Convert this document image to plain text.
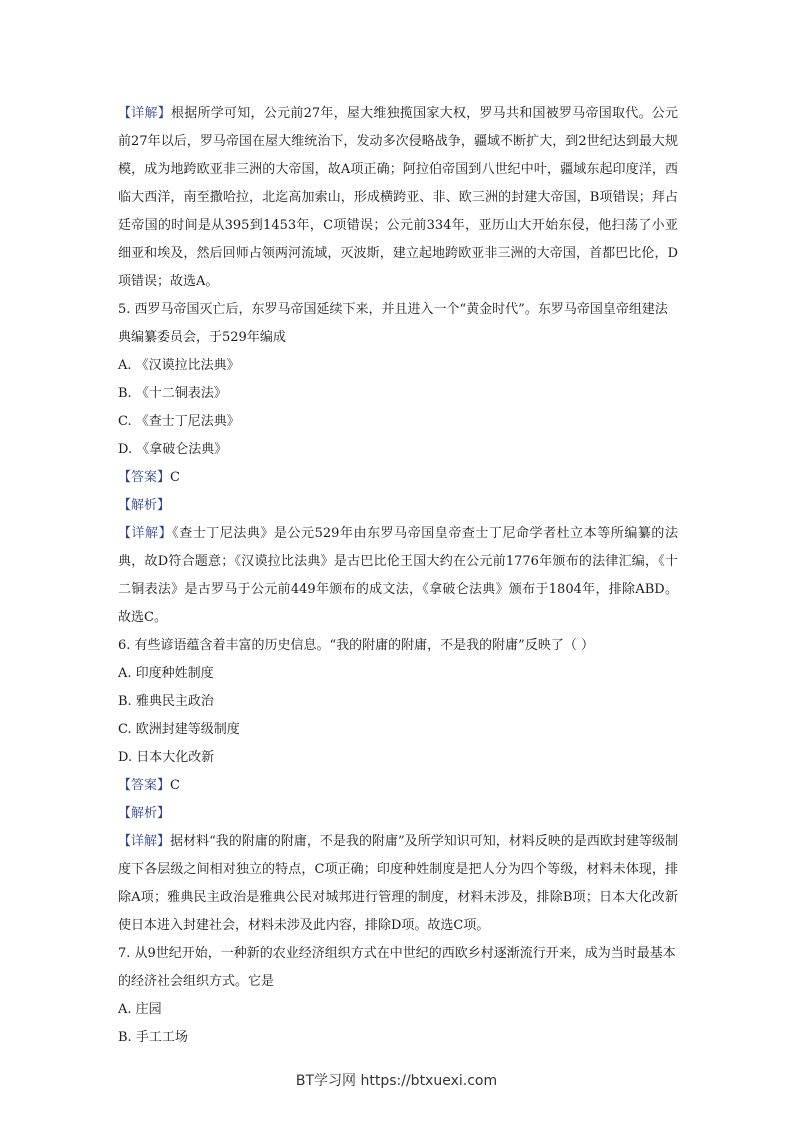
【详解】根据所学可知，公元前27年，屋大维独揽国家大权，罗马共和国被罗马帝国取代。公元前27年以后，罗马帝国在屋大维统治下，发动多次侵略战争，疆域不断扩大，到2世纪达到最大规模，成为地跨欧亚非三洲的大帝国，故A项正确；阿拉伯帝国到八世纪中叶，疆域东起印度洋，西临大西洋，南至撒哈拉，北迄高加索山，形成横跨亚、非、欧三洲的封建大帝国，B项错误；拜占廷帝国的时间是从395到1453年，C项错误；公元前334年，亚历山大开始东侵，他扫荡了小亚细亚和埃及，然后回师占领两河流域，灭波斯，建立起地跨欧亚非三洲的大帝国，首都巴比伦，D项错误；故选A。

5. 西罗马帝国灭亡后，东罗马帝国延续下来，并且进入一个“黄金时代”。东罗马帝国皇帝组建法典编纂委员会，于529年编成

A. 《汉谟拉比法典》
B. 《十二铜表法》
C. 《查士丁尼法典》
D. 《拿破仑法典》

【答案】C

【解析】

【详解】《查士丁尼法典》是公元529年由东罗马帝国皇帝查士丁尼命学者杜立本等所编纂的法典，故D符合题意；《汉谟拉比法典》是古巴比伦王国大约在公元前1776年颁布的法律汇编，《十二铜表法》是古罗马于公元前449年颁布的成文法，《拿破仑法典》颁布于1804年，排除ABD。故选C。

6. 有些谚语蕴含着丰富的历史信息。“我的附庸的附庸，不是我的附庸”反映了（ ）

A. 印度种姓制度
B. 雅典民主政治
C. 欧洲封建等级制度
D. 日本大化改新

【答案】C

【解析】

【详解】据材料“我的附庸的附庸，不是我的附庸”及所学知识可知，材料反映的是西欧封建等级制度下各层级之间相对独立的特点，C项正确；印度种姓制度是把人分为四个等级，材料未体现，排除A项；雅典民主政治是雅典公民对城邦进行管理的制度，材料未涉及，排除B项；日本大化改新使日本进入封建社会，材料未涉及此内容，排除D项。故选C项。

7. 从9世纪开始，一种新的农业经济组织方式在中世纪的西欧乡村逐渐流行开来，成为当时最基本的经济社会组织方式。它是

A. 庄园
B. 手工工场
BT学习网 https://btxuexi.com
